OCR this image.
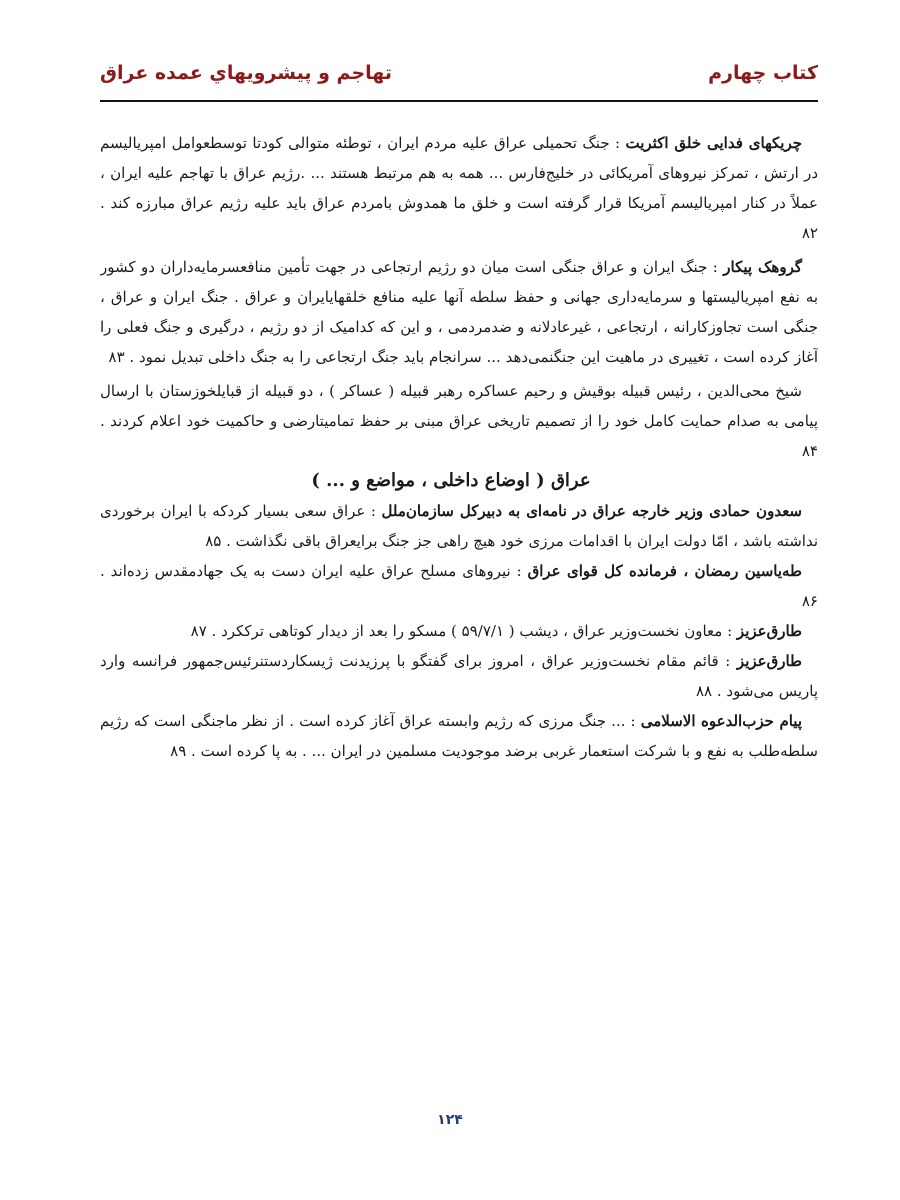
تهاجم و پیشرویهاي عمده عراق	کتاب چهارم

چریکهای فدایی خلق اکثریت : جنگ تحمیلی عراق علیه مردم ایران ، توطئه متوالی کودتا توسطعوامل امپریالیسم در ارتش ، تمرکز نیروهای آمریکائی در خلیج‌فارس ... همه به هم مرتبط هستند ... .رژیم عراق با تهاجم علیه ایران ، عملاً در کنار امپریالیسم آمریکا قرار گرفته است و خلق ما همدوش بامردم عراق باید علیه رژیم عراق مبارزه کند . ۸۲

گروهک پیکار : جنگ ایران و عراق جنگی است میان دو رژیم ارتجاعی در جهت تأمین منافعسرمایه‌داران دو کشور به نفع امپریالیستها و سرمایه‌داری جهانی و حفظ سلطه آنها علیه منافع خلقهایایران و عراق . جنگ ایران و عراق ، جنگی است تجاوزکارانه ، ارتجاعی ، غیرعادلانه و ضدمردمی ، و این که کدامیک از دو رژیم ، درگیری و جنگ فعلی را آغاز کرده است ، تغییری در ماهیت این جنگنمی‌دهد ... سرانجام باید جنگ ارتجاعی را به جنگ داخلی تبدیل نمود . ۸۳

شیخ محی‌الدین ، رئیس قبیله بوقیش و رحیم عساکره رهبر قبیله ( عساکر ) ، دو قبیله از قبایلخوزستان با ارسال پیامی به صدام حمایت کامل خود را از تصمیم تاریخی عراق مبنی بر حفظ تمامیتارضی و حاکمیت خود اعلام کردند . ۸۴

عراق ( اوضاع داخلی ، مواضع و ... )

سعدون حمادی وزیر خارجه عراق در نامه‌ای به دبیرکل سازمان‌ملل : عراق سعی بسیار کردکه با ایران برخوردی نداشته باشد ، امّا دولت ایران با اقدامات مرزی خود هیچ راهی جز جنگ برایعراق باقی نگذاشت . ۸۵

طه‌یاسین رمضان ، فرمانده کل قوای عراق : نیروهای مسلح عراق علیه ایران دست به یک جهادمقدس زده‌اند . ۸۶

طارق‌عزیز : معاون نخست‌وزیر عراق ، دیشب ( ۵۹/۷/۱ ) مسکو را بعد از دیدار کوتاهی ترککرد . ۸۷

طارق‌عزیز : قائم مقام نخست‌وزیر عراق ، امروز برای گفتگو با پرزیدنت ژیسکاردستنرئیس‌جمهور فرانسه وارد پاریس می‌شود . ۸۸

پیام حزب‌الدعوه الاسلامی : ... جنگ مرزی که رژیم وابسته عراق آغاز کرده است . از نظر ماجنگی است که رژیم سلطه‌طلب به نفع و با شرکت استعمار غربی برضد موجودیت مسلمین در ایران ... . به پا کرده است . ۸۹

۱۲۴
